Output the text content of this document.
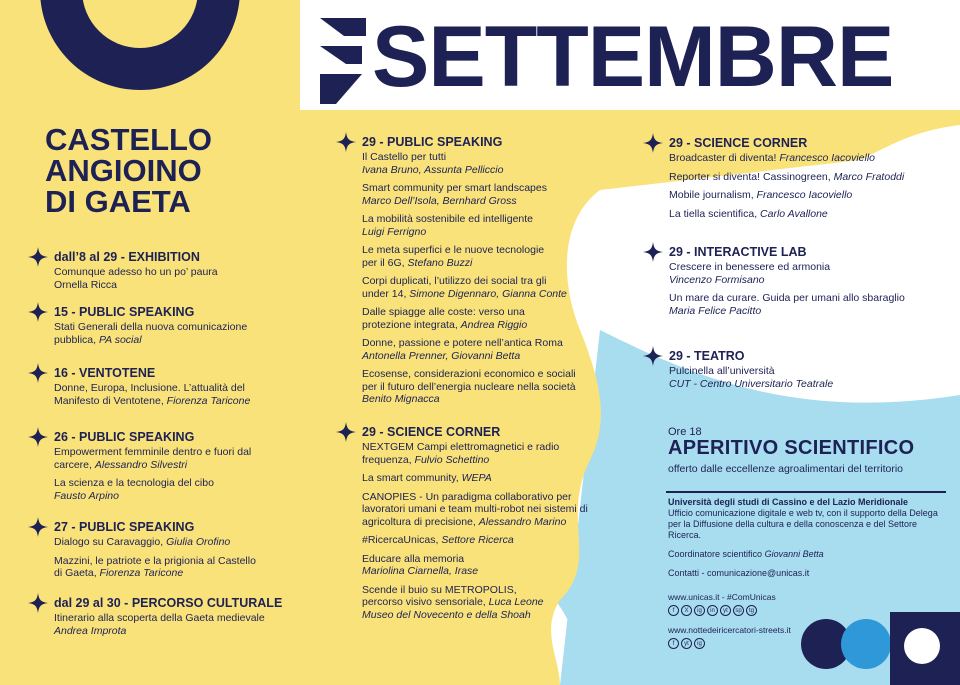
SETTEMBRE
CASTELLO
ANGIOINO
DI GAETA
dall’8 al 29 - EXHIBITION
Comunque adesso ho un po’ paura
Ornella Ricca
15 - PUBLIC SPEAKING
Stati Generali della nuova comunicazione
pubblica, PA social
16 - VENTOTENE
Donne, Europa, Inclusione. L’attualità del
Manifesto di Ventotene, Fiorenza Taricone
26 - PUBLIC SPEAKING
Empowerment femminile dentro e fuori dal
carcere, Alessandro Silvestri
La scienza e la tecnologia del cibo
Fausto Arpino
27 - PUBLIC SPEAKING
Dialogo su Caravaggio, Giulia Orofino
Mazzini, le patriote e la prigionia al Castello
di Gaeta, Fiorenza Taricone
dal 29 al 30 - PERCORSO CULTURALE
Itinerario alla scoperta della Gaeta medievale
Andrea Improta
29 - PUBLIC SPEAKING
Il Castello per tutti
Ivana Bruno, Assunta Pelliccio
Smart community per smart landscapes
Marco Dell’Isola, Bernhard Gross
La mobilità sostenibile ed intelligente
Luigi Ferrigno
Le meta superfici e le nuove tecnologie
per il 6G, Stefano Buzzi
Corpi duplicati, l’utilizzo dei social tra gli
under 14, Simone Digennaro, Gianna Conte
Dalle spiagge alle coste: verso una
protezione integrata, Andrea Riggio
Donne, passione e potere nell’antica Roma
Antonella Prenner, Giovanni Betta
Ecosense, considerazioni economico e sociali
per il futuro dell’energia nucleare nella società
Benito Mignacca
29 - SCIENCE CORNER
NEXTGEM Campi elettromagnetici e radio
frequenza, Fulvio Schettino
La smart community, WEPA
CANOPIES - Un paradigma collaborativo per
lavoratori umani e team multi-robot nei sistemi di
agricoltura di precisione, Alessandro Marino
#RicercaUnicas, Settore Ricerca
Educare alla memoria
Mariolina Ciarnella, Irase
Scende il buio su METROPOLIS,
percorso visivo sensoriale, Luca Leone
Museo del Novecento e della Shoah
29 - SCIENCE CORNER
Broadcaster di diventa! Francesco Iacoviello
Reporter si diventa! Cassinogreen, Marco Fratoddi
Mobile journalism, Francesco Iacoviello
La tiella scientifica, Carlo Avallone
29 - INTERACTIVE LAB
Crescere in benessere ed armonia
Vincenzo Formisano
Un mare da curare. Guida per umani allo sbaraglio
Maria Felice Pacitto
29 - TEATRO
Pulcinella all’università
CUT - Centro Universitario Teatrale
Ore 18
APERITIVO SCIENTIFICO
offerto dalle eccellenze agroalimentari del territorio
Università degli studi di Cassino e del Lazio Meridionale
Ufficio comunicazione digitale e web tv, con il supporto della Delega per la Diffusione della cultura e della conoscenza e del Settore Ricerca.
Coordinatore scientifico Giovanni Betta
Contatti - comunicazione@unicas.it
www.unicas.it - #ComUnicas
f	X	ig	in	yt	sp	tg
www.nottedeiricercatori-streets.it
f	yt	ig
